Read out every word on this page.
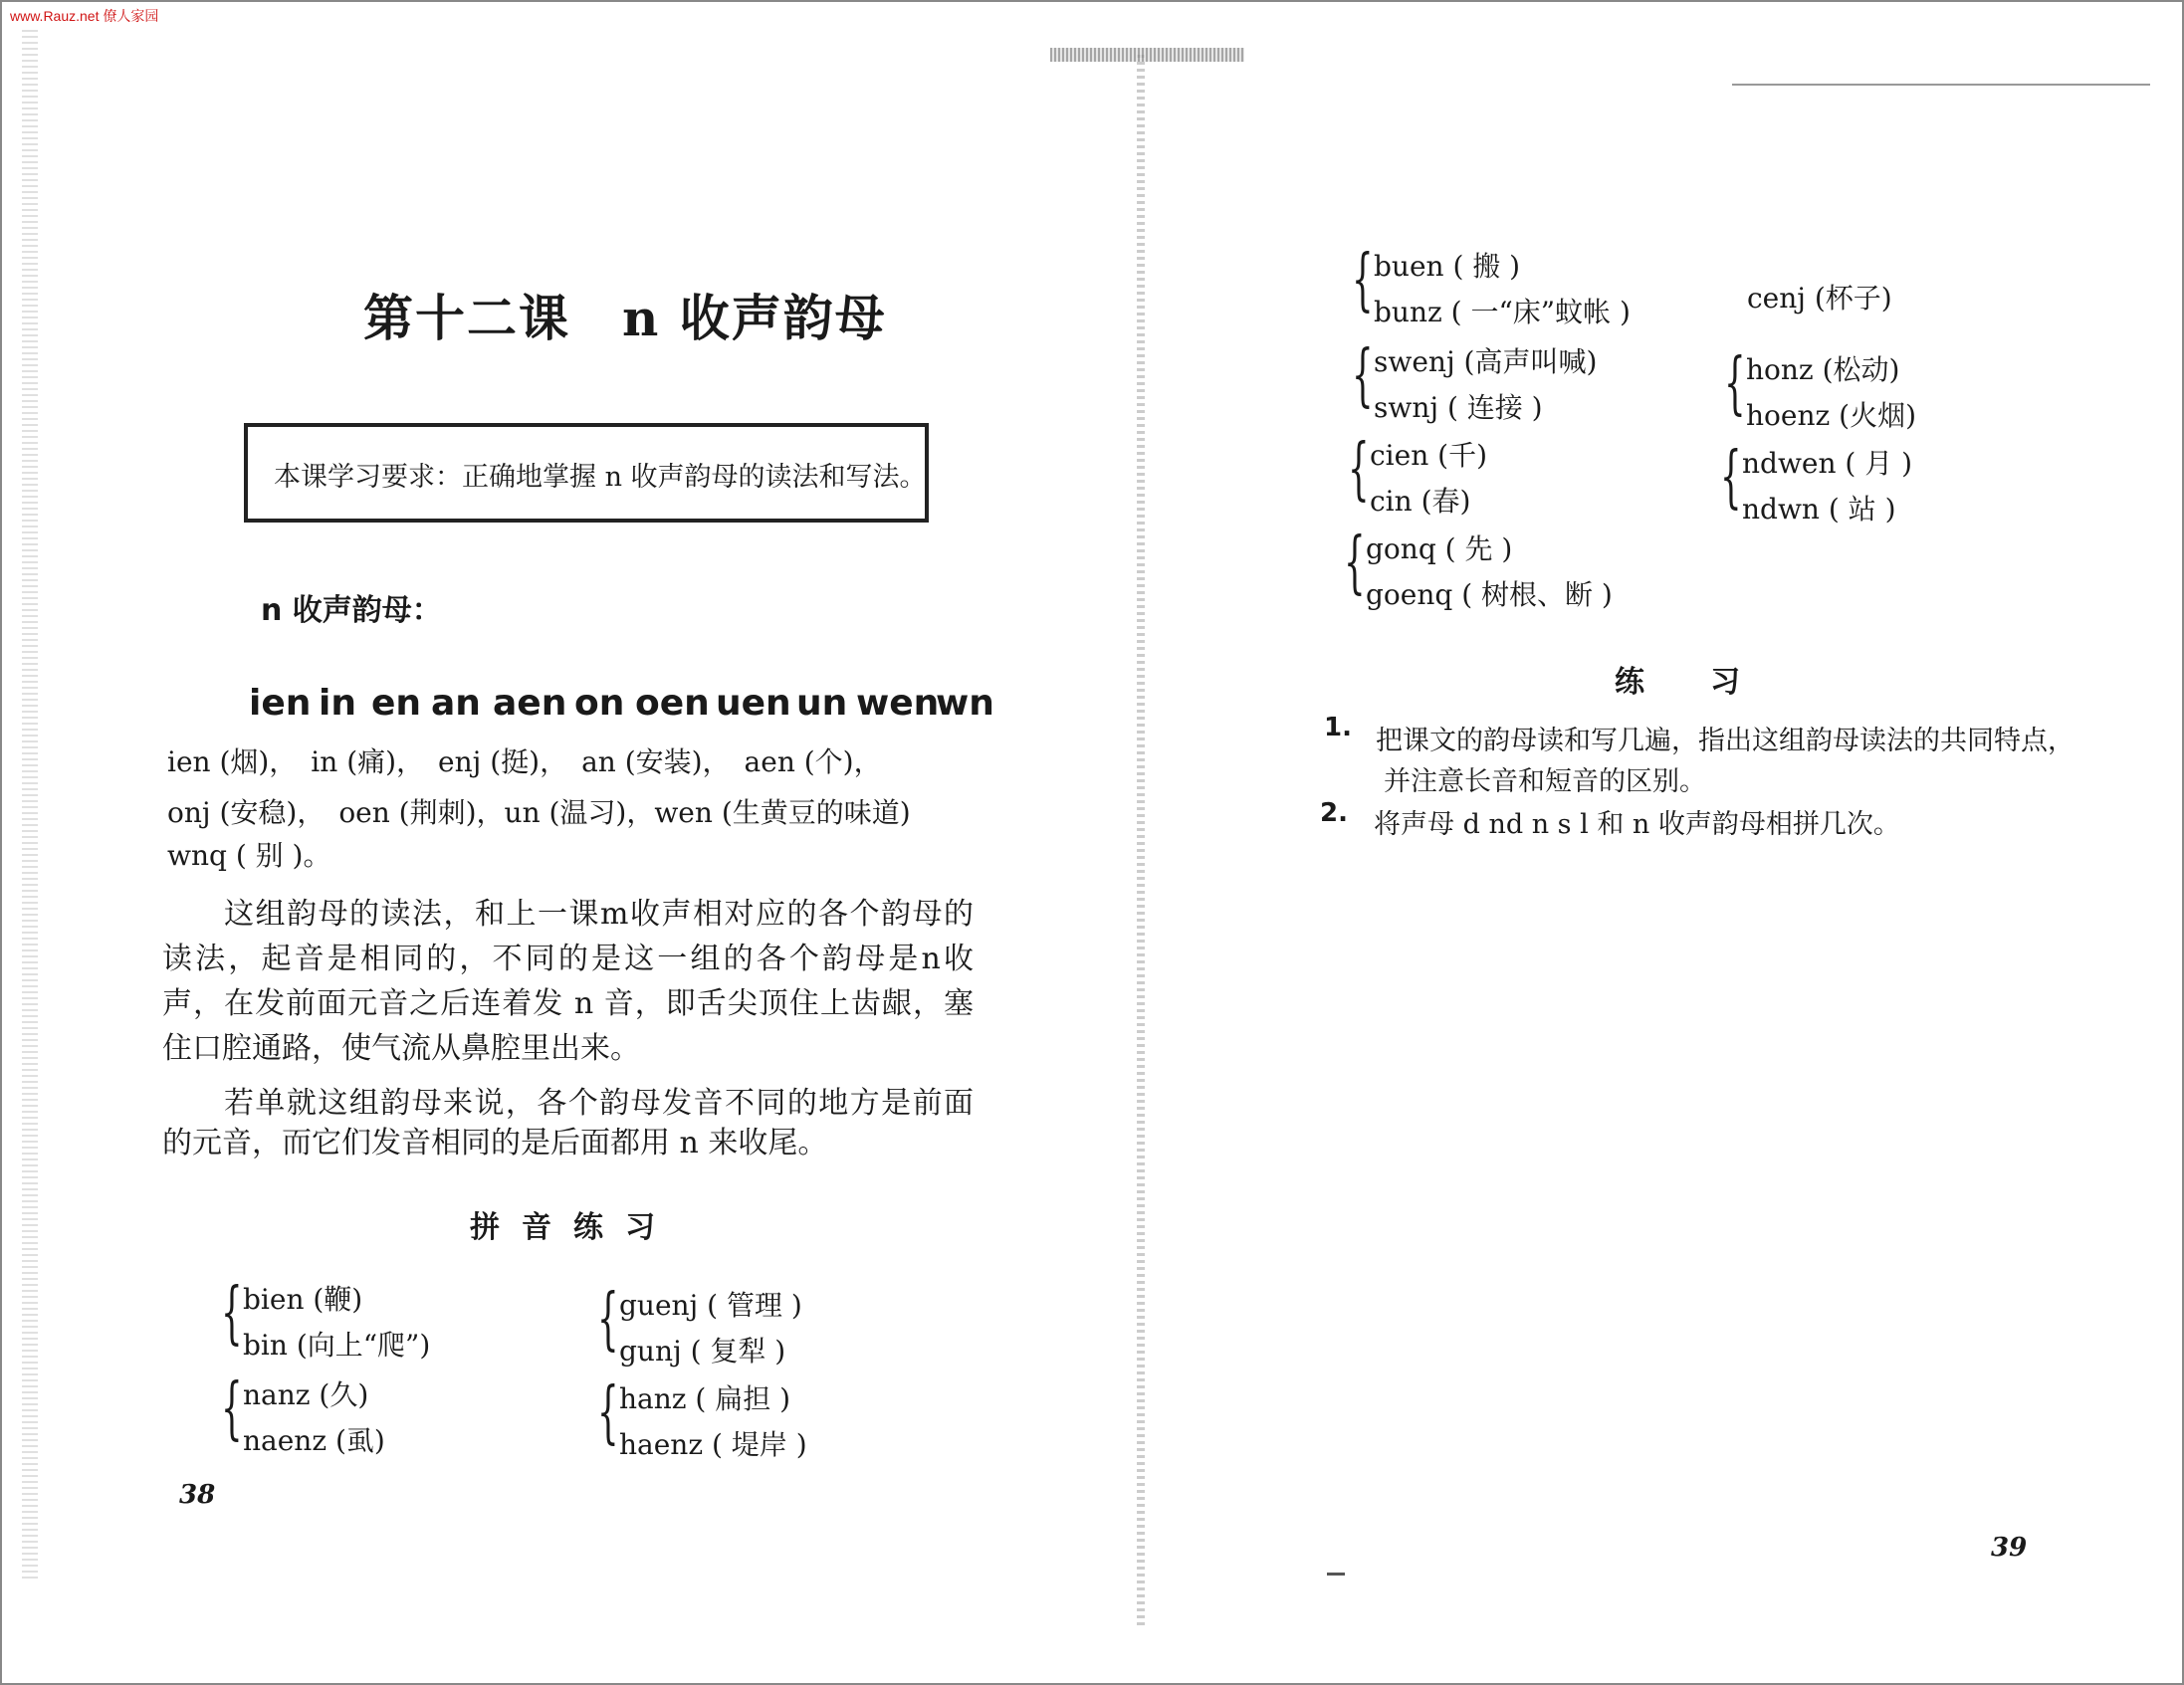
www.Rauz.net 僚人家园
第十二课　n 收声韵母
本课学习要求：正确地掌握 n 收声韵母的读法和写法。
n 收声韵母：
ien in en an aen on oen uen un wen
wn
ien (烟)，　in (痛)，　enj (挺)，　an (安装)，　aen (个)，
onj (安稳)，　oen (荆刺)，un (温习)，wen (生黄豆的味道)
wnq ( 别 )。
这组韵母的读法，和上一课m收声相对应的各个韵母的
读法，起音是相同的，不同的是这一组的各个韵母是n收
声，在发前面元音之后连着发 n 音，即舌尖顶住上齿龈，塞
住口腔通路，使气流从鼻腔里出来。
若单就这组韵母来说，各个韵母发音不同的地方是前面
的元音，而它们发音相同的是后面都用 n 来收尾。
拼音练习
{ bien (鞭)
bin (向上“爬”) { guenj ( 管理 )
gunj ( 复犁 )
{ nanz (久)
naenz (虱)	{ hanz ( 扁担 )
haenz ( 堤岸 )
38
{ buen ( 搬 )
bunz ( 一“床”蚊帐 )	cenj (杯子)
{ swenj (高声叫喊)
swnj ( 连接 )	{ honz (松动)
hoenz (火烟)
{ cien (千)
cin (春)	{ ndwen ( 月 )
ndwn ( 站 )
{ gonq ( 先 )
goenq ( 树根、断 )
练习
1. 把课文的韵母读和写几遍，指出这组韵母读法的共同特点，
并注意长音和短音的区别。
2. 将声母 d nd n s l 和 n 收声韵母相拼几次。
39
